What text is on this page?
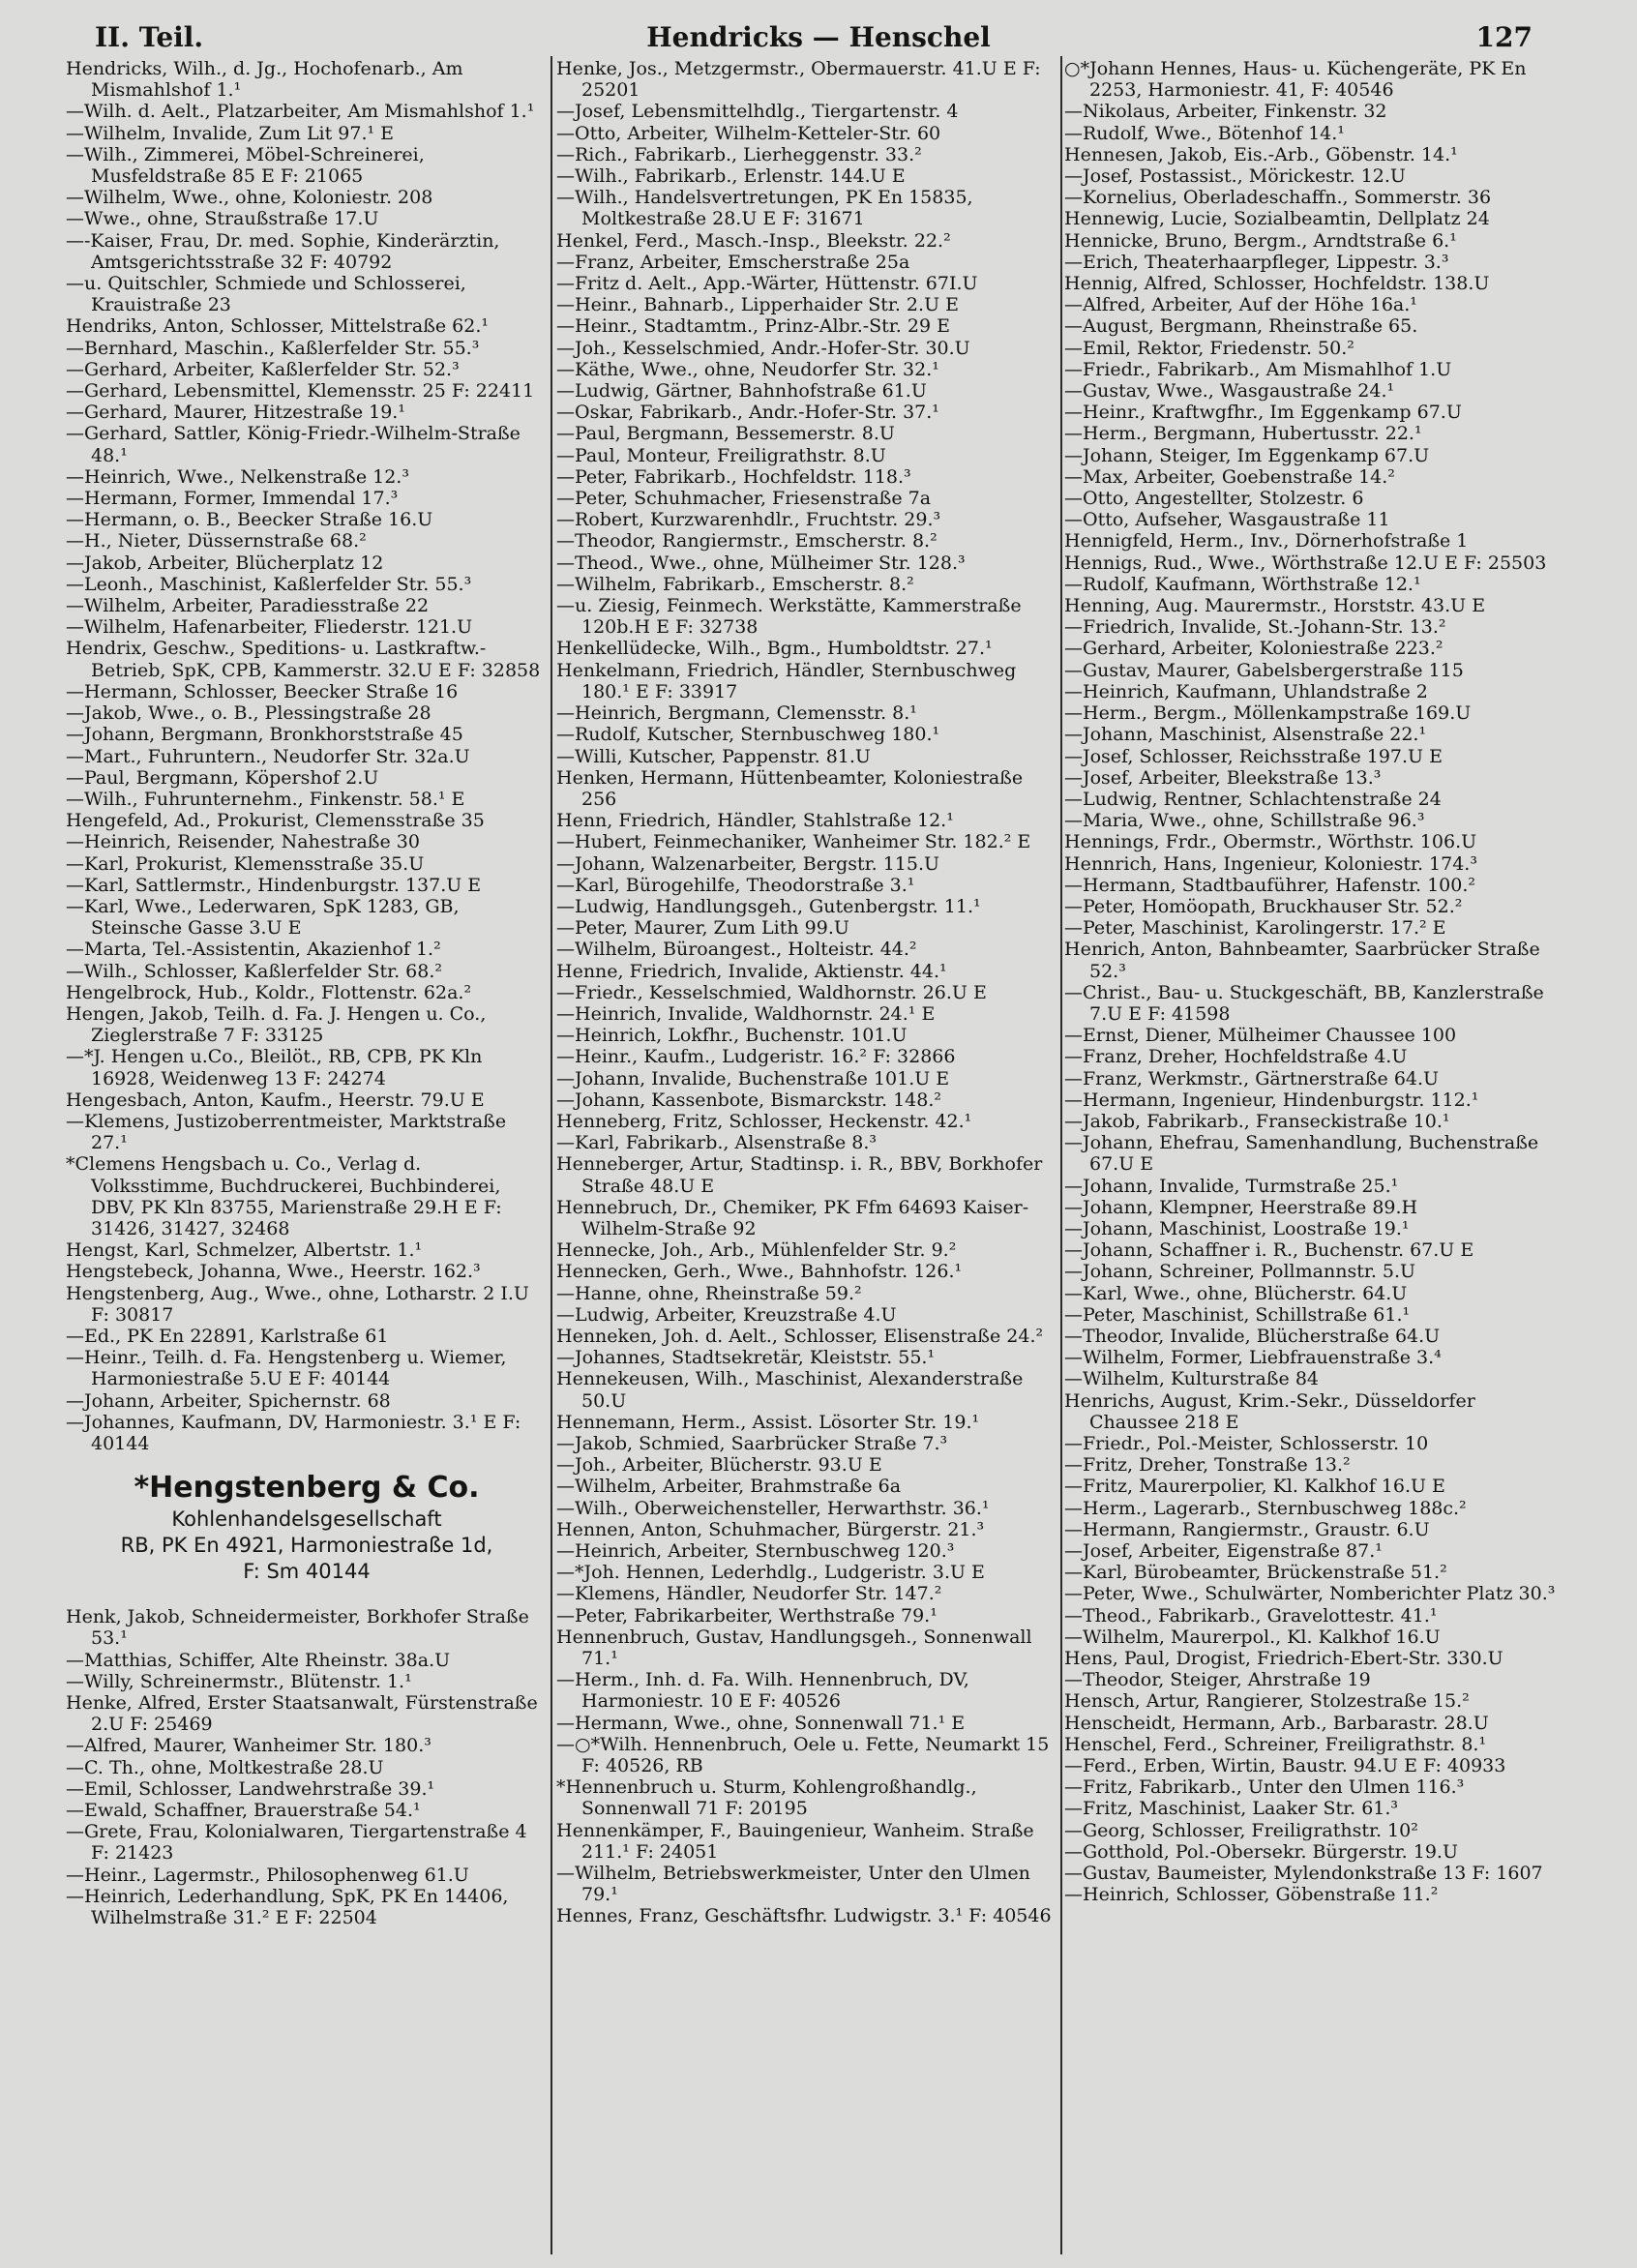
II. Teil.	Hendricks — Henschel	127

Hendricks, Wilh., d. Jg., Hochofenarb., Am Mismahlshof 1.¹

—Wilh. d. Aelt., Platzarbeiter, Am Mismahlshof 1.¹

—Wilhelm, Invalide, Zum Lit 97.¹ E

—Wilh., Zimmerei, Möbel-Schreinerei, Musfeldstraße 85 E F: 21065

—Wilhelm, Wwe., ohne, Koloniestr. 208

—Wwe., ohne, Straußstraße 17.U

—-Kaiser, Frau, Dr. med. Sophie, Kinderärztin, Amtsgerichtsstraße 32 F: 40792

—u. Quitschler, Schmiede und Schlosserei, Krauistraße 23

Hendriks, Anton, Schlosser, Mittelstraße 62.¹

—Bernhard, Maschin., Kaßlerfelder Str. 55.³

—Gerhard, Arbeiter, Kaßlerfelder Str. 52.³

—Gerhard, Lebensmittel, Klemensstr. 25 F: 22411

—Gerhard, Maurer, Hitzestraße 19.¹

—Gerhard, Sattler, König-Friedr.-Wilhelm-Straße 48.¹

—Heinrich, Wwe., Nelkenstraße 12.³

—Hermann, Former, Immendal 17.³

—Hermann, o. B., Beecker Straße 16.U

—H., Nieter, Düssernstraße 68.²

—Jakob, Arbeiter, Blücherplatz 12

—Leonh., Maschinist, Kaßlerfelder Str. 55.³

—Wilhelm, Arbeiter, Paradiesstraße 22

—Wilhelm, Hafenarbeiter, Fliederstr. 121.U

Hendrix, Geschw., Speditions- u. Lastkraftw.-Betrieb, SpK, CPB, Kammerstr. 32.U E F: 32858

—Hermann, Schlosser, Beecker Straße 16

—Jakob, Wwe., o. B., Plessingstraße 28

—Johann, Bergmann, Bronkhorststraße 45

—Mart., Fuhruntern., Neudorfer Str. 32a.U

—Paul, Bergmann, Köpershof 2.U

—Wilh., Fuhrunternehm., Finkenstr. 58.¹ E

Hengefeld, Ad., Prokurist, Clemensstraße 35

—Heinrich, Reisender, Nahestraße 30

—Karl, Prokurist, Klemensstraße 35.U

—Karl, Sattlermstr., Hindenburgstr. 137.U E

—Karl, Wwe., Lederwaren, SpK 1283, GB, Steinsche Gasse 3.U E

—Marta, Tel.-Assistentin, Akazienhof 1.²

—Wilh., Schlosser, Kaßlerfelder Str. 68.²

Hengelbrock, Hub., Koldr., Flottenstr. 62a.²

Hengen, Jakob, Teilh. d. Fa. J. Hengen u. Co., Zieglerstraße 7 F: 33125

—*J. Hengen u.Co., Bleilöt., RB, CPB, PK Kln 16928, Weidenweg 13 F: 24274

Hengesbach, Anton, Kaufm., Heerstr. 79.U E

—Klemens, Justizoberrentmeister, Marktstraße 27.¹

*Clemens Hengsbach u. Co., Verlag d. Volksstimme, Buchdruckerei, Buchbinderei, DBV, PK Kln 83755, Marienstraße 29.H E F: 31426, 31427, 32468

Hengst, Karl, Schmelzer, Albertstr. 1.¹

Hengstebeck, Johanna, Wwe., Heerstr. 162.³

Hengstenberg, Aug., Wwe., ohne, Lotharstr. 2 I.U F: 30817

—Ed., PK En 22891, Karlstraße 61

—Heinr., Teilh. d. Fa. Hengstenberg u. Wiemer, Harmoniestraße 5.U E F: 40144

—Johann, Arbeiter, Spichernstr. 68

—Johannes, Kaufmann, DV, Harmoniestr. 3.¹ E F: 40144

*Hengstenberg & Co.
Kohlenhandelsgesellschaft
RB, PK En 4921, Harmoniestraße 1d,
F: Sm 40144

Henk, Jakob, Schneidermeister, Borkhofer Straße 53.¹

—Matthias, Schiffer, Alte Rheinstr. 38a.U

—Willy, Schreinermstr., Blütenstr. 1.¹

Henke, Alfred, Erster Staatsanwalt, Fürstenstraße 2.U F: 25469

—Alfred, Maurer, Wanheimer Str. 180.³

—C. Th., ohne, Moltkestraße 28.U

—Emil, Schlosser, Landwehrstraße 39.¹

—Ewald, Schaffner, Brauerstraße 54.¹

—Grete, Frau, Kolonialwaren, Tiergartenstraße 4 F: 21423

—Heinr., Lagermstr., Philosophenweg 61.U

—Heinrich, Lederhandlung, SpK, PK En 14406, Wilhelmstraße 31.² E F: 22504

Henke, Jos., Metzgermstr., Obermauerstr. 41.U E F: 25201

—Josef, Lebensmittelhdlg., Tiergartenstr. 4

—Otto, Arbeiter, Wilhelm-Ketteler-Str. 60

—Rich., Fabrikarb., Lierheggenstr. 33.²

—Wilh., Fabrikarb., Erlenstr. 144.U E

—Wilh., Handelsvertretungen, PK En 15835, Moltkestraße 28.U E F: 31671

Henkel, Ferd., Masch.-Insp., Bleekstr. 22.²

—Franz, Arbeiter, Emscherstraße 25a

—Fritz d. Aelt., App.-Wärter, Hüttenstr. 67I.U

—Heinr., Bahnarb., Lipperhaider Str. 2.U E

—Heinr., Stadtamtm., Prinz-Albr.-Str. 29 E

—Joh., Kesselschmied, Andr.-Hofer-Str. 30.U

—Käthe, Wwe., ohne, Neudorfer Str. 32.¹

—Ludwig, Gärtner, Bahnhofstraße 61.U

—Oskar, Fabrikarb., Andr.-Hofer-Str. 37.¹

—Paul, Bergmann, Bessemerstr. 8.U

—Paul, Monteur, Freiligrathstr. 8.U

—Peter, Fabrikarb., Hochfeldstr. 118.³

—Peter, Schuhmacher, Friesenstraße 7a

—Robert, Kurzwarenhdlr., Fruchtstr. 29.³

—Theodor, Rangiermstr., Emscherstr. 8.²

—Theod., Wwe., ohne, Mülheimer Str. 128.³

—Wilhelm, Fabrikarb., Emscherstr. 8.²

—u. Ziesig, Feinmech. Werkstätte, Kammerstraße 120b.H E F: 32738

Henkellüdecke, Wilh., Bgm., Humboldtstr. 27.¹

Henkelmann, Friedrich, Händler, Sternbuschweg 180.¹ E F: 33917

—Heinrich, Bergmann, Clemensstr. 8.¹

—Rudolf, Kutscher, Sternbuschweg 180.¹

—Willi, Kutscher, Pappenstr. 81.U

Henken, Hermann, Hüttenbeamter, Koloniestraße 256

Henn, Friedrich, Händler, Stahlstraße 12.¹

—Hubert, Feinmechaniker, Wanheimer Str. 182.² E

—Johann, Walzenarbeiter, Bergstr. 115.U

—Karl, Bürogehilfe, Theodorstraße 3.¹

—Ludwig, Handlungsgeh., Gutenbergstr. 11.¹

—Peter, Maurer, Zum Lith 99.U

—Wilhelm, Büroangest., Holteistr. 44.²

Henne, Friedrich, Invalide, Aktienstr. 44.¹

—Friedr., Kesselschmied, Waldhornstr. 26.U E

—Heinrich, Invalide, Waldhornstr. 24.¹ E

—Heinrich, Lokfhr., Buchenstr. 101.U

—Heinr., Kaufm., Ludgeristr. 16.² F: 32866

—Johann, Invalide, Buchenstraße 101.U E

—Johann, Kassenbote, Bismarckstr. 148.²

Henneberg, Fritz, Schlosser, Heckenstr. 42.¹

—Karl, Fabrikarb., Alsenstraße 8.³

Henneberger, Artur, Stadtinsp. i. R., BBV, Borkhofer Straße 48.U E

Hennebruch, Dr., Chemiker, PK Ffm 64693 Kaiser-Wilhelm-Straße 92

Hennecke, Joh., Arb., Mühlenfelder Str. 9.²

Hennecken, Gerh., Wwe., Bahnhofstr. 126.¹

—Hanne, ohne, Rheinstraße 59.²

—Ludwig, Arbeiter, Kreuzstraße 4.U

Henneken, Joh. d. Aelt., Schlosser, Elisenstraße 24.²

—Johannes, Stadtsekretär, Kleiststr. 55.¹

Hennekeusen, Wilh., Maschinist, Alexanderstraße 50.U

Hennemann, Herm., Assist. Lösorter Str. 19.¹

—Jakob, Schmied, Saarbrücker Straße 7.³

—Joh., Arbeiter, Blücherstr. 93.U E

—Wilhelm, Arbeiter, Brahmstraße 6a

—Wilh., Oberweichensteller, Herwarthstr. 36.¹

Hennen, Anton, Schuhmacher, Bürgerstr. 21.³

—Heinrich, Arbeiter, Sternbuschweg 120.³

—*Joh. Hennen, Lederhdlg., Ludgeristr. 3.U E

—Klemens, Händler, Neudorfer Str. 147.²

—Peter, Fabrikarbeiter, Werthstraße 79.¹

Hennenbruch, Gustav, Handlungsgeh., Sonnenwall 71.¹

—Herm., Inh. d. Fa. Wilh. Hennenbruch, DV, Harmoniestr. 10 E F: 40526

—Hermann, Wwe., ohne, Sonnenwall 71.¹ E

—○*Wilh. Hennenbruch, Oele u. Fette, Neumarkt 15 F: 40526, RB

*Hennenbruch u. Sturm, Kohlengroßhandlg., Sonnenwall 71 F: 20195

Hennenkämper, F., Bauingenieur, Wanheim. Straße 211.¹ F: 24051

—Wilhelm, Betriebswerkmeister, Unter den Ulmen 79.¹

Hennes, Franz, Geschäftsfhr. Ludwigstr. 3.¹ F: 40546

○*Johann Hennes, Haus- u. Küchengeräte, PK En 2253, Harmoniestr. 41, F: 40546

—Nikolaus, Arbeiter, Finkenstr. 32

—Rudolf, Wwe., Bötenhof 14.¹

Hennesen, Jakob, Eis.-Arb., Göbenstr. 14.¹

—Josef, Postassist., Mörickestr. 12.U

—Kornelius, Oberladeschaffn., Sommerstr. 36

Hennewig, Lucie, Sozialbeamtin, Dellplatz 24

Hennicke, Bruno, Bergm., Arndtstraße 6.¹

—Erich, Theaterhaarpfleger, Lippestr. 3.³

Hennig, Alfred, Schlosser, Hochfeldstr. 138.U

—Alfred, Arbeiter, Auf der Höhe 16a.¹

—August, Bergmann, Rheinstraße 65.

—Emil, Rektor, Friedenstr. 50.²

—Friedr., Fabrikarb., Am Mismahlhof 1.U

—Gustav, Wwe., Wasgaustraße 24.¹

—Heinr., Kraftwgfhr., Im Eggenkamp 67.U

—Herm., Bergmann, Hubertusstr. 22.¹

—Johann, Steiger, Im Eggenkamp 67.U

—Max, Arbeiter, Goebenstraße 14.²

—Otto, Angestellter, Stolzestr. 6

—Otto, Aufseher, Wasgaustraße 11

Hennigfeld, Herm., Inv., Dörnerhofstraße 1

Hennigs, Rud., Wwe., Wörthstraße 12.U E F: 25503

—Rudolf, Kaufmann, Wörthstraße 12.¹

Henning, Aug. Maurermstr., Horststr. 43.U E

—Friedrich, Invalide, St.-Johann-Str. 13.²

—Gerhard, Arbeiter, Koloniestraße 223.²

—Gustav, Maurer, Gabelsbergerstraße 115

—Heinrich, Kaufmann, Uhlandstraße 2

—Herm., Bergm., Möllenkampstraße 169.U

—Johann, Maschinist, Alsenstraße 22.¹

—Josef, Schlosser, Reichsstraße 197.U E

—Josef, Arbeiter, Bleekstraße 13.³

—Ludwig, Rentner, Schlachtenstraße 24

—Maria, Wwe., ohne, Schillstraße 96.³

Hennings, Frdr., Obermstr., Wörthstr. 106.U

Hennrich, Hans, Ingenieur, Koloniestr. 174.³

—Hermann, Stadtbauführer, Hafenstr. 100.²

—Peter, Homöopath, Bruckhauser Str. 52.²

—Peter, Maschinist, Karolingerstr. 17.² E

Henrich, Anton, Bahnbeamter, Saarbrücker Straße 52.³

—Christ., Bau- u. Stuckgeschäft, BB, Kanzlerstraße 7.U E F: 41598

—Ernst, Diener, Mülheimer Chaussee 100

—Franz, Dreher, Hochfeldstraße 4.U

—Franz, Werkmstr., Gärtnerstraße 64.U

—Hermann, Ingenieur, Hindenburgstr. 112.¹

—Jakob, Fabrikarb., Franseckistraße 10.¹

—Johann, Ehefrau, Samenhandlung, Buchenstraße 67.U E

—Johann, Invalide, Turmstraße 25.¹

—Johann, Klempner, Heerstraße 89.H

—Johann, Maschinist, Loostraße 19.¹

—Johann, Schaffner i. R., Buchenstr. 67.U E

—Johann, Schreiner, Pollmannstr. 5.U

—Karl, Wwe., ohne, Blücherstr. 64.U

—Peter, Maschinist, Schillstraße 61.¹

—Theodor, Invalide, Blücherstraße 64.U

—Wilhelm, Former, Liebfrauenstraße 3.⁴

—Wilhelm, Kulturstraße 84

Henrichs, August, Krim.-Sekr., Düsseldorfer Chaussee 218 E

—Friedr., Pol.-Meister, Schlosserstr. 10

—Fritz, Dreher, Tonstraße 13.²

—Fritz, Maurerpolier, Kl. Kalkhof 16.U E

—Herm., Lagerarb., Sternbuschweg 188c.²

—Hermann, Rangiermstr., Graustr. 6.U

—Josef, Arbeiter, Eigenstraße 87.¹

—Karl, Bürobeamter, Brückenstraße 51.²

—Peter, Wwe., Schulwärter, Nomberichter Platz 30.³

—Theod., Fabrikarb., Gravelottestr. 41.¹

—Wilhelm, Maurerpol., Kl. Kalkhof 16.U

Hens, Paul, Drogist, Friedrich-Ebert-Str. 330.U

—Theodor, Steiger, Ahrstraße 19

Hensch, Artur, Rangierer, Stolzestraße 15.²

Henscheidt, Hermann, Arb., Barbarastr. 28.U

Henschel, Ferd., Schreiner, Freiligrathstr. 8.¹

—Ferd., Erben, Wirtin, Baustr. 94.U E F: 40933

—Fritz, Fabrikarb., Unter den Ulmen 116.³

—Fritz, Maschinist, Laaker Str. 61.³

—Georg, Schlosser, Freiligrathstr. 10²

—Gotthold, Pol.-Obersekr. Bürgerstr. 19.U

—Gustav, Baumeister, Mylendonkstraße 13 F: 1607

—Heinrich, Schlosser, Göbenstraße 11.²
